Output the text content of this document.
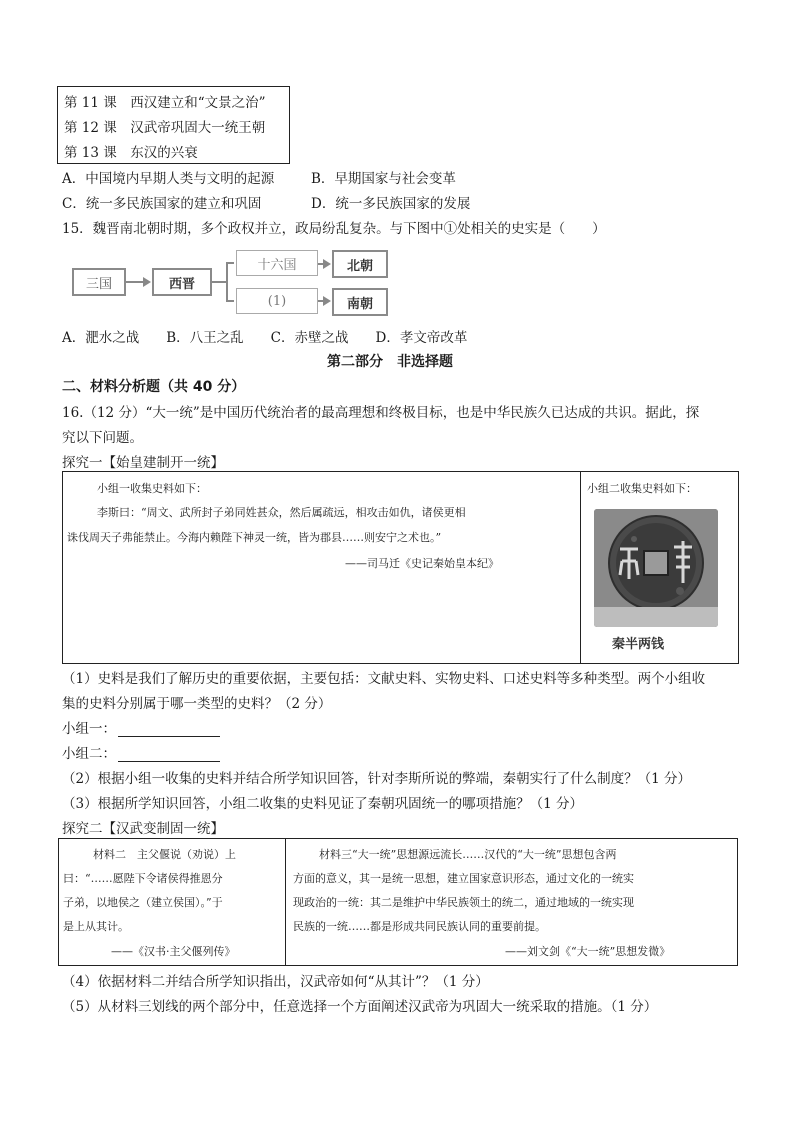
第 11 课　西汉建立和“文景之治”
第 12 课　汉武帝巩固大一统王朝
第 13 课　东汉的兴衰
A．中国境内早期人类与文明的起源	B．早期国家与社会变革
C．统一多民族国家的建立和巩固	D．统一多民族国家的发展
15．魏晋南北朝时期，多个政权并立，政局纷乱复杂。与下图中①处相关的史实是（　　）
三国	西晋
十六国
(1)
北朝
南朝
A．淝水之战　　B．八王之乱　　C．赤壁之战　　D．孝文帝改革
第二部分　非选择题
二、材料分析题（共 40 分）
16.（12 分）“大一统”是中国历代统治者的最高理想和终极目标，也是中华民族久已达成的共识。据此，探
究以下问题。
探究一【始皇建制开一统】
小组一收集史料如下：
李斯曰：“周文、武所封子弟同姓甚众，然后属疏远，相攻击如仇，诸侯更相
诛伐周天子弗能禁止。今海内赖陛下神灵一统，皆为郡县……则安宁之术也。”
——司马迁《史记秦始皇本纪》
小组二收集史料如下：
秦半两钱
（1）史料是我们了解历史的重要依据，主要包括：文献史料、实物史料、口述史料等多种类型。两个小组收
集的史料分别属于哪一类型的史料？（2 分）
小组一：
小组二：
（2）根据小组一收集的史料并结合所学知识回答，针对李斯所说的弊端，秦朝实行了什么制度？（1 分）
（3）根据所学知识回答，小组二收集的史料见证了秦朝巩固统一的哪项措施？（1 分）
探究二【汉武变制固一统】
材料二　主父偃说（劝说）上
曰：“……愿陛下令诸侯得推恩分
子弟，以地侯之（建立侯国）。”于
是上从其计。
——《汉书·主父偃列传》
材料三“大一统”思想源远流长……汉代的“大一统”思想包含两
方面的意义，其一是统一思想，建立国家意识形态，通过文化的一统实
现政治的一统：其二是维护中华民族领土的统二，通过地域的一统实现
民族的一统……都是形成共同民族认同的重要前提。
——刘文剑《“大一统”思想发微》
（4）依据材料二并结合所学知识指出，汉武帝如何“从其计”？（1 分）
（5）从材料三划线的两个部分中，任意选择一个方面阐述汉武帝为巩固大一统采取的措施。（1 分）
